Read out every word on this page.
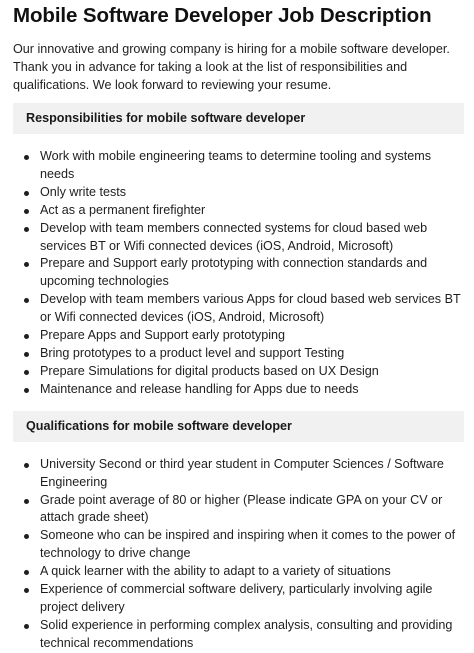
Mobile Software Developer Job Description

Our innovative and growing company is hiring for a mobile software developer. Thank you in advance for taking a look at the list of responsibilities and qualifications. We look forward to reviewing your resume.

Responsibilities for mobile software developer
Work with mobile engineering teams to determine tooling and systems needs
Only write tests
Act as a permanent firefighter
Develop with team members connected systems for cloud based web services BT or Wifi connected devices (iOS, Android, Microsoft)
Prepare and Support early prototyping with connection standards and upcoming technologies
Develop with team members various Apps for cloud based web services BT or Wifi connected devices (iOS, Android, Microsoft)
Prepare Apps and Support early prototyping
Bring prototypes to a product level and support Testing
Prepare Simulations for digital products based on UX Design
Maintenance and release handling for Apps due to needs
Qualifications for mobile software developer
University Second or third year student in Computer Sciences / Software Engineering
Grade point average of 80 or higher (Please indicate GPA on your CV or attach grade sheet)
Someone who can be inspired and inspiring when it comes to the power of technology to drive change
A quick learner with the ability to adapt to a variety of situations
Experience of commercial software delivery, particularly involving agile project delivery
Solid experience in performing complex analysis, consulting and providing technical recommendations
